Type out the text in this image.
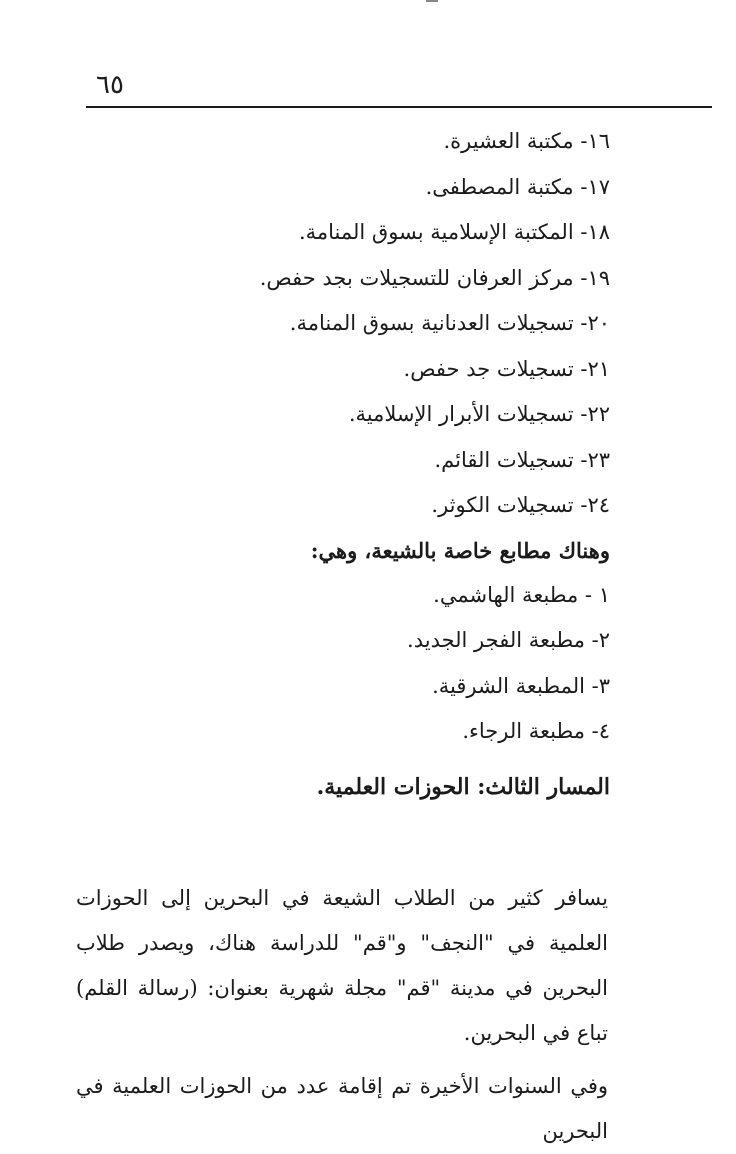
٦٥
١٦- مكتبة العشيرة.
١٧- مكتبة المصطفى.
١٨- المكتبة الإسلامية بسوق المنامة.
١٩- مركز العرفان للتسجيلات بجد حفص.
٢٠- تسجيلات العدنانية بسوق المنامة.
٢١- تسجيلات جد حفص.
٢٢- تسجيلات الأبرار الإسلامية.
٢٣- تسجيلات القائم.
٢٤- تسجيلات الكوثر.
وهناك مطابع خاصة بالشيعة، وهي:
١ - مطبعة الهاشمي.
٢- مطبعة الفجر الجديد.
٣- المطبعة الشرقية.
٤- مطبعة الرجاء.
المسار الثالث: الحوزات العلمية.

يسافر كثير من الطلاب الشيعة في البحرين إلى الحوزات العلمية في "النجف" و"قم" للدراسة هناك، ويصدر طلاب البحرين في مدينة "قم" مجلة شهرية بعنوان: (رسالة القلم) تباع في البحرين.

وفي السنوات الأخيرة تم إقامة عدد من الحوزات العلمية في البحرين
